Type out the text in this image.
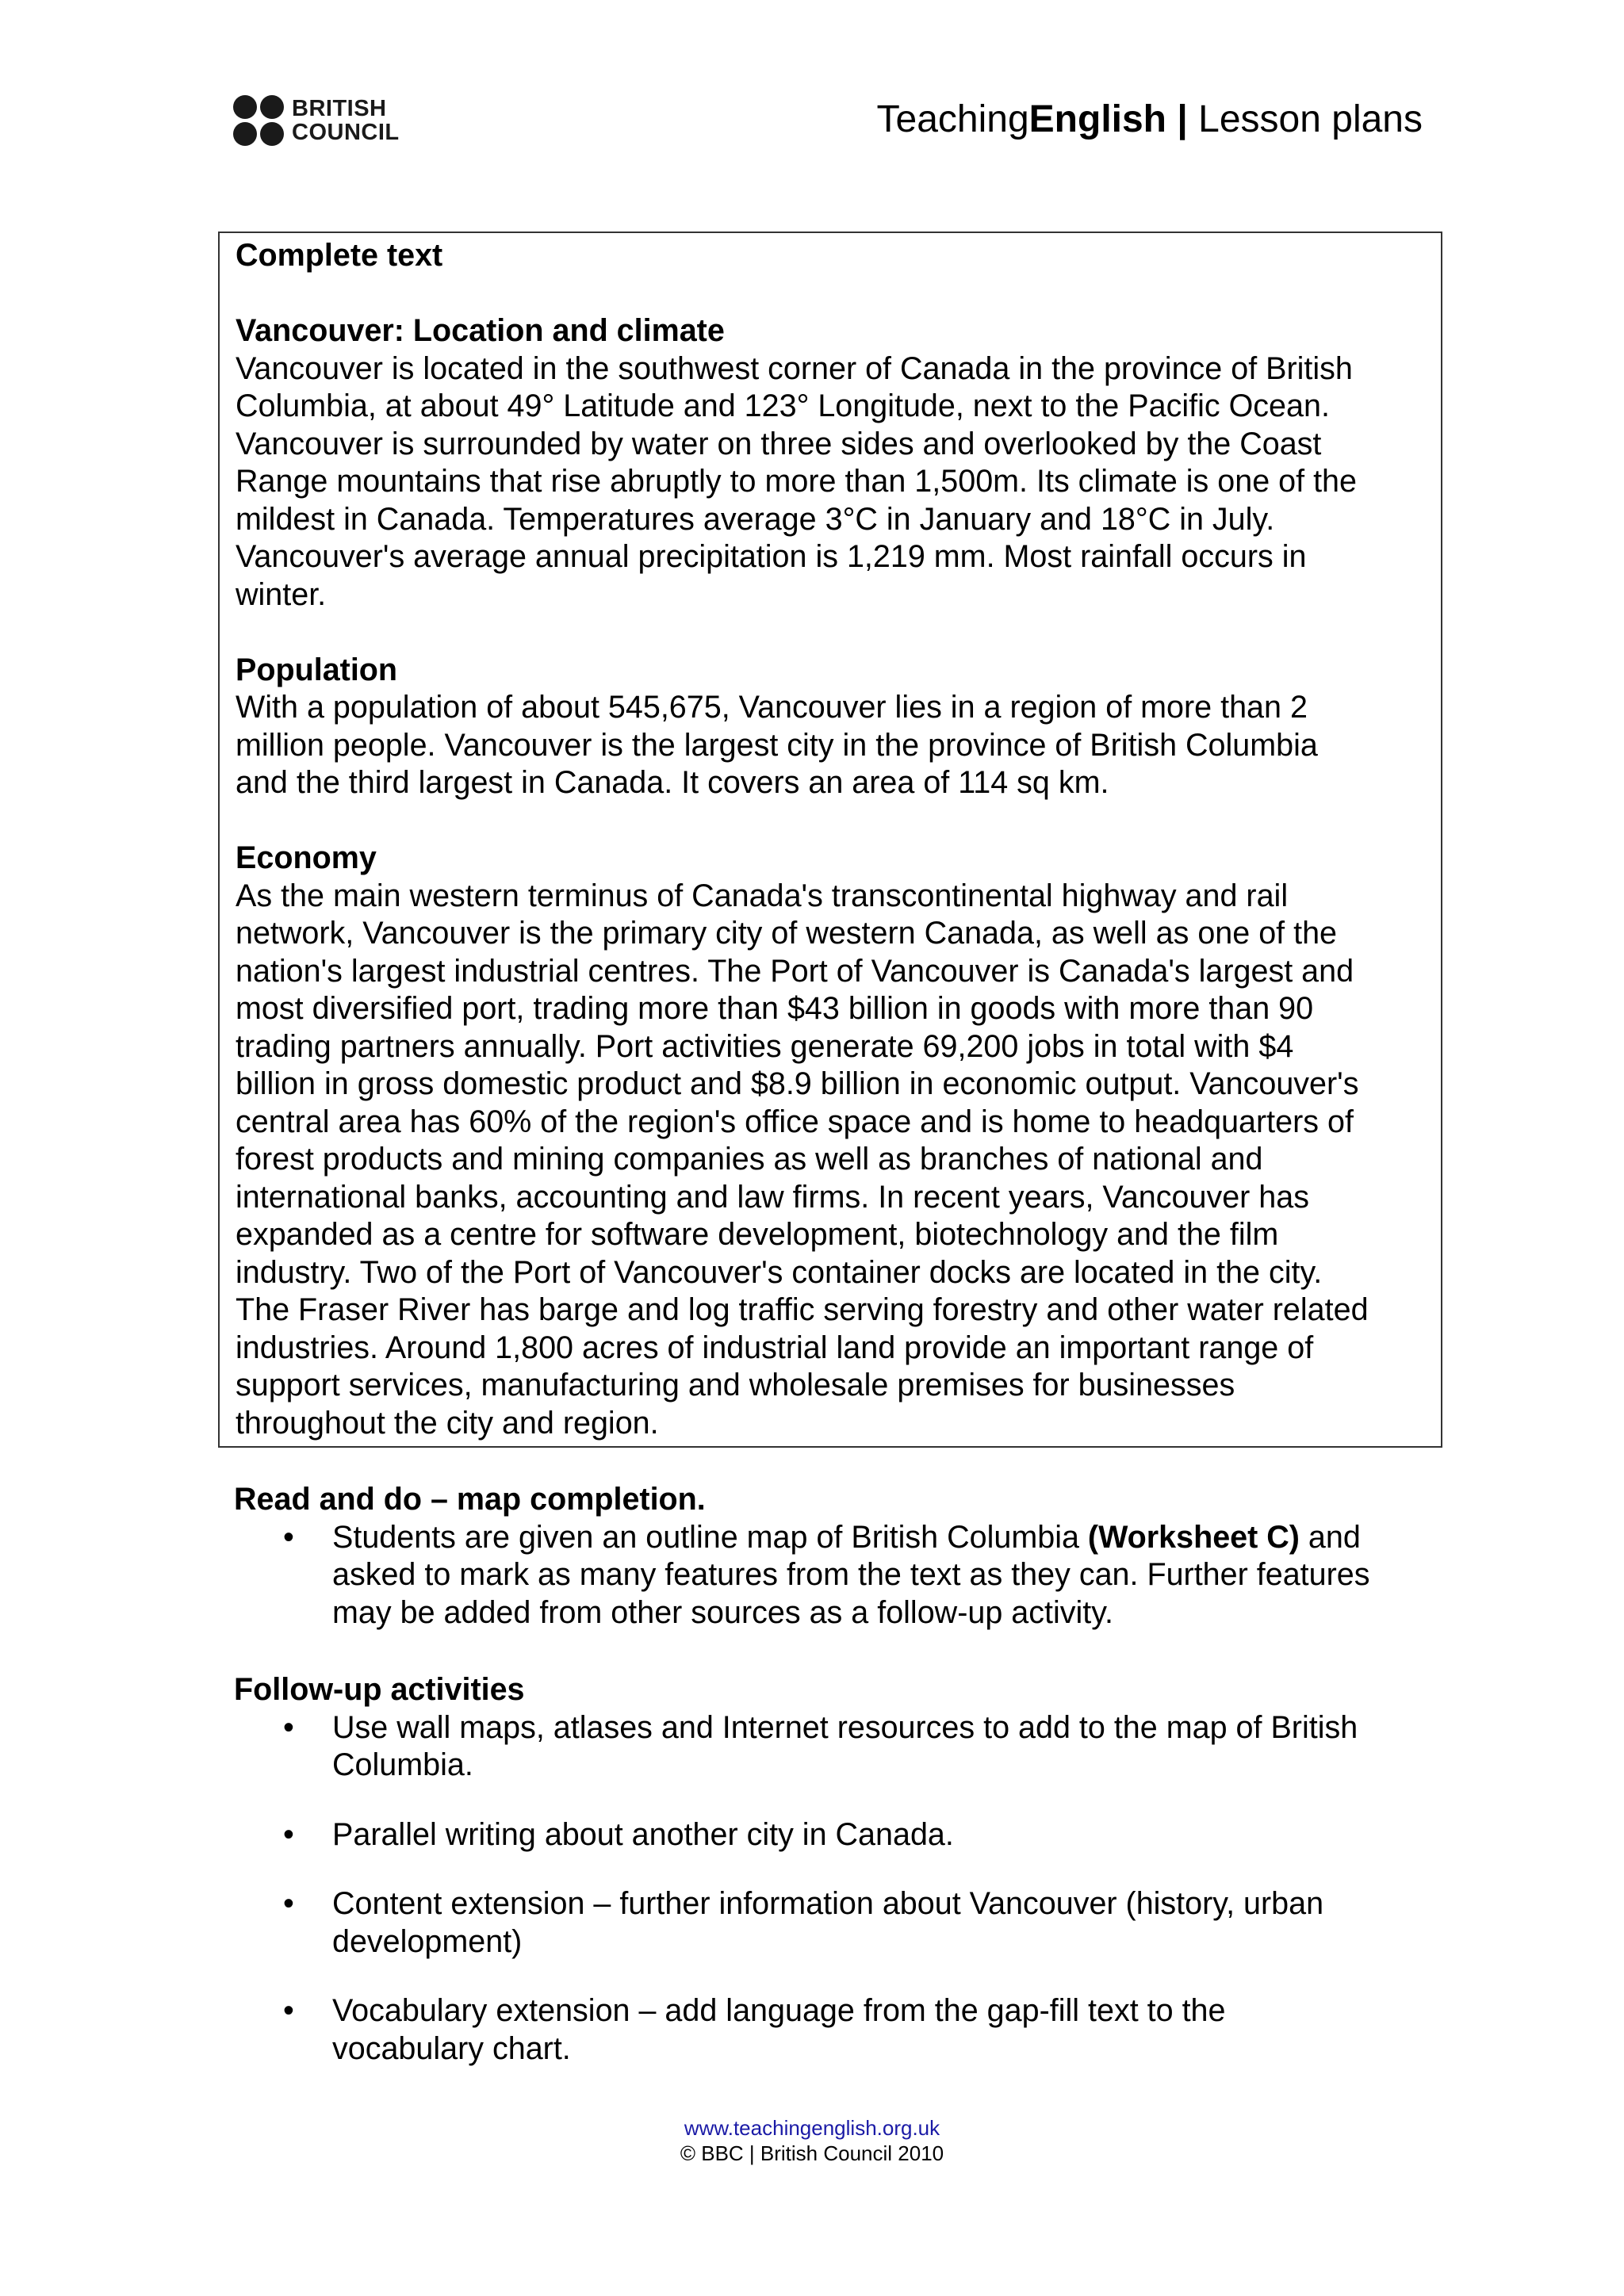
BRITISH
COUNCIL	TeachingEnglish | Lesson plans

Complete text

Vancouver: Location and climate

Vancouver is located in the southwest corner of Canada in the province of British

Columbia, at about 49° Latitude and 123° Longitude, next to the Pacific Ocean.

Vancouver is surrounded by water on three sides and overlooked by the Coast

Range mountains that rise abruptly to more than 1,500m. Its climate is one of the

mildest in Canada. Temperatures average 3°C in January and 18°C in July.

Vancouver's average annual precipitation is 1,219 mm. Most rainfall occurs in

winter.

Population

With a population of about 545,675, Vancouver lies in a region of more than 2

million people. Vancouver is the largest city in the province of British Columbia

and the third largest in Canada. It covers an area of 114 sq km.

Economy

As the main western terminus of Canada's transcontinental highway and rail

network, Vancouver is the primary city of western Canada, as well as one of the

nation's largest industrial centres. The Port of Vancouver is Canada's largest and

most diversified port, trading more than $43 billion in goods with more than 90

trading partners annually. Port activities generate 69,200 jobs in total with $4

billion in gross domestic product and $8.9 billion in economic output. Vancouver's

central area has 60% of the region's office space and is home to headquarters of

forest products and mining companies as well as branches of national and

international banks, accounting and law firms. In recent years, Vancouver has

expanded as a centre for software development, biotechnology and the film

industry. Two of the Port of Vancouver's container docks are located in the city.

The Fraser River has barge and log traffic serving forestry and other water related

industries. Around 1,800 acres of industrial land provide an important range of

support services, manufacturing and wholesale premises for businesses

throughout the city and region.

Read and do – map completion.

• Students are given an outline map of British Columbia (Worksheet C) and
asked to mark as many features from the text as they can. Further features
may be added from other sources as a follow-up activity.

Follow-up activities

• Use wall maps, atlases and Internet resources to add to the map of British
Columbia.
• Parallel writing about another city in Canada.
• Content extension – further information about Vancouver (history, urban
development)
• Vocabulary extension – add language from the gap-fill text to the
vocabulary chart.
www.teachingenglish.org.uk
© BBC | British Council 2010
